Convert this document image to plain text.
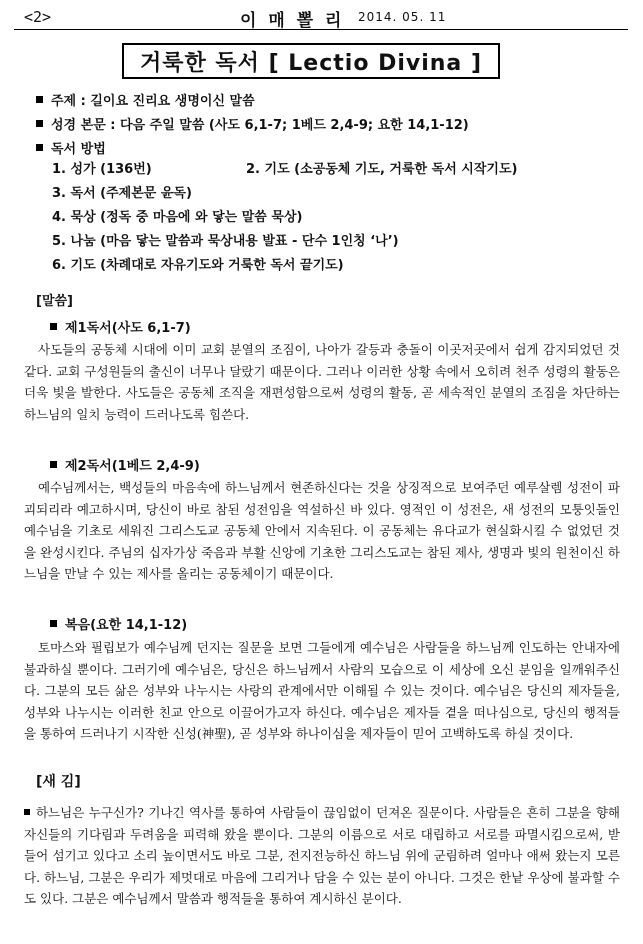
<2>	이 매 뽈 리 2014. 05. 11
거룩한 독서 [ Lectio Divina ]
주제 : 길이요 진리요 생명이신 말씀
성경 본문 : 다음 주일 말씀 (사도 6,1-7; 1베드 2,4-9; 요한 14,1-12)
독서 방법
1. 성가 (136번)	2. 기도 (소공동체 기도, 거룩한 독서 시작기도)
3. 독서 (주제본문 윤독)
4. 묵상 (정독 중 마음에 와 닿는 말씀 묵상)
5. 나눔 (마음 닿는 말씀과 묵상내용 발표 - 단수 1인칭 ‘나’)
6. 기도 (차례대로 자유기도와 거룩한 독서 끝기도)
[말씀]
제1독서(사도 6,1-7)
사도들의 공동체 시대에 이미 교회 분열의 조짐이, 나아가 갈등과 충돌이 이곳저곳에서 쉽게 감지되었던 것 같다. 교회 구성원들의 출신이 너무나 달랐기 때문이다. 그러나 이러한 상황 속에서 오히려 천주 성령의 활동은 더욱 빛을 발한다. 사도들은 공동체 조직을 재편성함으로써 성령의 활동, 곧 세속적인 분열의 조짐을 차단하는 하느님의 일치 능력이 드러나도록 힘쓴다.
제2독서(1베드 2,4-9)
예수님께서는, 백성들의 마음속에 하느님께서 현존하신다는 것을 상징적으로 보여주던 예루살렘 성전이 파괴되리라 예고하시며, 당신이 바로 참된 성전임을 역설하신 바 있다. 영적인 이 성전은, 새 성전의 모퉁잇돌인 예수님을 기초로 세워진 그리스도교 공동체 안에서 지속된다. 이 공동체는 유다교가 현실화시킬 수 없었던 것을 완성시킨다. 주님의 십자가상 죽음과 부활 신앙에 기초한 그리스도교는 참된 제사, 생명과 빛의 원천이신 하느님을 만날 수 있는 제사를 올리는 공동체이기 때문이다.
복음(요한 14,1-12)
토마스와 필립보가 예수님께 던지는 질문을 보면 그들에게 예수님은 사람들을 하느님께 인도하는 안내자에 불과하실 뿐이다. 그러기에 예수님은, 당신은 하느님께서 사람의 모습으로 이 세상에 오신 분임을 일깨워주신다. 그분의 모든 삶은 성부와 나누시는 사랑의 관계에서만 이해될 수 있는 것이다. 예수님은 당신의 제자들을, 성부와 나누시는 이러한 친교 안으로 이끌어가고자 하신다. 예수님은 제자들 곁을 떠나심으로, 당신의 행적들을 통하여 드러나기 시작한 신성(神聖), 곧 성부와 하나이심을 제자들이 믿어 고백하도록 하실 것이다.
[새 김]
하느님은 누구신가? 기나긴 역사를 통하여 사람들이 끊임없이 던져온 질문이다. 사람들은 흔히 그분을 향해 자신들의 기다림과 두려움을 피력해 왔을 뿐이다. 그분의 이름으로 서로 대립하고 서로를 파멸시킴으로써, 받들어 섬기고 있다고 소리 높이면서도 바로 그분, 전지전능하신 하느님 위에 군림하려 얼마나 애써 왔는지 모른다. 하느님, 그분은 우리가 제멋대로 마음에 그리거나 담을 수 있는 분이 아니다. 그것은 한낱 우상에 불과할 수도 있다. 그분은 예수님께서 말씀과 행적들을 통하여 계시하신 분이다.
